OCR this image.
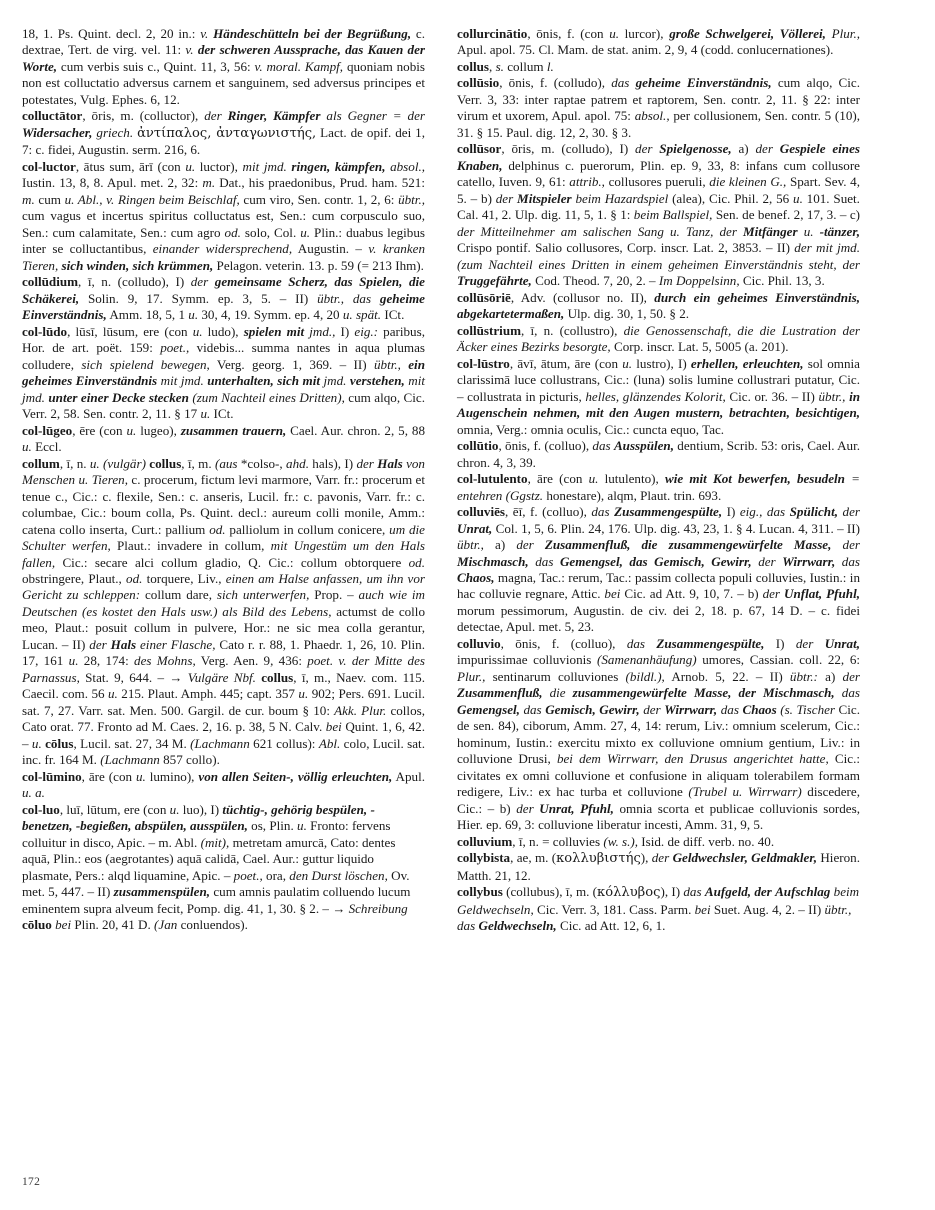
18, 1. Ps. Quint. decl. 2, 20 in.: v. Händeschütteln bei der Begrüßung, c. dextrae, Tert. de virg. vel. 11: v. der schweren Aussprache, das Kauen der Worte, cum verbis suis c., Quint. 11, 3, 56: v. moral. Kampf, quoniam nobis non est colluctatio adversus carnem et sanguinem, sed adversus principes et potestates, Vulg. Ephes. 6, 12.

colluctātor, ōris, m. (colluctor), der Ringer, Kämpfer als Gegner = der Widersacher, griech. ἀντίπαλος, ἀνταγωνιστής, Lact. de opif. dei 1, 7: c. fidei, Augustin. serm. 216, 6.

col-luctor, ātus sum, ārī (con u. luctor), mit jmd. ringen, kämpfen, absol., Iustin. 13, 8, 8. Apul. met. 2, 32: m. Dat., his praedonibus, Prud. ham. 521: m. cum u. Abl., v. Ringen beim Beischlaf, cum viro, Sen. contr. 1, 2, 6: übtr., cum vagus et incertus spiritus colluctatus est, Sen.: cum corpusculo suo, Sen.: cum calamitate, Sen.: cum agro od. solo, Col. u. Plin.: duabus legibus inter se colluctantibus, einander widersprechend, Augustin. – v. kranken Tieren, sich winden, sich krümmen, Pelagon. veterin. 13. p. 59 (= 213 Ihm).

collūdium, ī, n. (colludo), I) der gemeinsame Scherz, das Spielen, die Schäkerei, Solin. 9, 17. Symm. ep. 3, 5. – II) übtr., das geheime Einverständnis, Amm. 18, 5, 1 u. 30, 4, 19. Symm. ep. 4, 20 u. spät. ICt.

col-lūdo, lūsī, lūsum, ere (con u. ludo), spielen mit jmd., I) eig.: paribus, Hor. de art. poët. 159: poet., videbis... summa nantes in aqua plumas colludere, sich spielend bewegen, Verg. georg. 1, 369. – II) übtr., ein geheimes Einverständnis mit jmd. unterhalten, sich mit jmd. verstehen, mit jmd. unter einer Decke stecken (zum Nachteil eines Dritten), cum alqo, Cic. Verr. 2, 58. Sen. contr. 2, 11. § 17 u. ICt.

col-lūgeo, ēre (con u. lugeo), zusammen trauern, Cael. Aur. chron. 2, 5, 88 u. Eccl.

collum, ī, n. u. (vulgär) collus, ī, m. (aus *colso-, ahd. hals), I) der Hals von Menschen u. Tieren, c. procerum, fictum levi marmore, Varr. fr.: procerum et tenue c., Cic.: c. flexile, Sen.: c. anseris, Lucil. fr.: c. pavonis, Varr. fr.: c. columbae, Cic.: boum colla, Ps. Quint. decl.: aureum colli monile, Amm.: catena collo inserta, Curt.: pallium od. palliolum in collum conicere, um die Schulter werfen, Plaut.: invadere in collum, mit Ungestüm um den Hals fallen, Cic.: secare alci collum gladio, Q. Cic.: collum obtorquere od. obstringere, Plaut., od. torquere, Liv., einen am Halse anfassen, um ihn vor Gericht zu schleppen: collum dare, sich unterwerfen, Prop. – auch wie im Deutschen (es kostet den Hals usw.) als Bild des Lebens, actumst de collo meo, Plaut.: posuit collum in pulvere, Hor.: ne sic mea colla gerantur, Lucan. – II) der Hals einer Flasche, Cato r. r. 88, 1. Phaedr. 1, 26, 10. Plin. 17, 161 u. 28, 174: des Mohns, Verg. Aen. 9, 436: poet. v. der Mitte des Parnassus, Stat. 9, 644. – → Vulgäre Nbf. collus, ī, m., Naev. com. 115. Caecil. com. 56 u. 215. Plaut. Amph. 445; capt. 357 u. 902; Pers. 691. Lucil. sat. 7, 27. Varr. sat. Men. 500. Gargil. de cur. boum § 10: Akk. Plur. collos, Cato orat. 77. Fronto ad M. Caes. 2, 16. p. 38, 5 N. Calv. bei Quint. 1, 6, 42. – u. cōlus, Lucil. sat. 27, 34 M. (Lachmann 621 collus): Abl. colo, Lucil. sat. inc. fr. 164 M. (Lachmann 857 collo).

col-lūmino, āre (con u. lumino), von allen Seiten-, völlig erleuchten, Apul. u. a.

col-luo, luī, lūtum, ere (con u. luo), I) tüchtig-, gehörig bespülen, -benetzen, -begießen, abspülen, ausspülen, os, Plin. u. Fronto: fervens colluitur in disco, Apic. – m. Abl. (mit), metretam amurcā, Cato: dentes aquā, Plin.: eos (aegrotantes) aquā calidā, Cael. Aur.: guttur liquido plasmate, Pers.: alqd liquamine, Apic. – poet., ora, den Durst löschen, Ov. met. 5, 447. – II) zusammenspülen, cum amnis paulatim colluendo lucum eminentem supra alveum fecit, Pomp. dig. 41, 1, 30. § 2. – → Schreibung cōluo bei Plin. 20, 41 D. (Jan conluendos).

collurcinātio, ōnis, f. (con u. lurcor), große Schwelgerei, Völlerei, Plur., Apul. apol. 75. Cl. Mam. de stat. anim. 2, 9, 4 (codd. conlucernationes).

collus, s. collum l.

collūsio, ōnis, f. (colludo), das geheime Einverständnis, cum alqo, Cic. Verr. 3, 33: inter raptae patrem et raptorem, Sen. contr. 2, 11. § 22: inter virum et uxorem, Apul. apol. 75: absol., per collusionem, Sen. contr. 5 (10), 31. § 15. Paul. dig. 12, 2, 30. § 3.

collūsor, ōris, m. (colludo), I) der Spielgenosse, a) der Gespiele eines Knaben, delphinus c. puerorum, Plin. ep. 9, 33, 8: infans cum collusore catello, Iuven. 9, 61: attrib., collusores pueruli, die kleinen G., Spart. Sev. 4, 5. – b) der Mitspieler beim Hazardspiel (alea), Cic. Phil. 2, 56 u. 101. Suet. Cal. 41, 2. Ulp. dig. 11, 5, 1. § 1: beim Ballspiel, Sen. de benef. 2, 17, 3. – c) der Mitteilnehmer am salischen Sang u. Tanz, der Mitfänger u. -tänzer, Crispo pontif. Salio collusores, Corp. inscr. Lat. 2, 3853. – II) der mit jmd. (zum Nachteil eines Dritten in einem geheimen Einverständnis steht, der Truggefährte, Cod. Theod. 7, 20, 2. – Im Doppelsinn, Cic. Phil. 13, 3.

collūsōriē, Adv. (collusor no. II), durch ein geheimes Einverständnis, abgekartetermaßen, Ulp. dig. 30, 1, 50. § 2.

collūstrium, ī, n. (collustro), die Genossenschaft, die die Lustration der Äcker eines Bezirks besorgte, Corp. inscr. Lat. 5, 5005 (a. 201).

col-lūstro, āvī, ātum, āre (con u. lustro), I) erhellen, erleuchten, sol omnia clarissimā luce collustrans, Cic.: (luna) solis lumine collustrari putatur, Cic. – collustrata in picturis, helles, glänzendes Kolorit, Cic. or. 36. – II) übtr., in Augenschein nehmen, mit den Augen mustern, betrachten, besichtigen, omnia, Verg.: omnia oculis, Cic.: cuncta equo, Tac.

collūtio, ōnis, f. (colluo), das Ausspülen, dentium, Scrib. 53: oris, Cael. Aur. chron. 4, 3, 39.

col-lutulento, āre (con u. lutulento), wie mit Kot bewerfen, besudeln = entehren (Ggstz. honestare), alqm, Plaut. trin. 693.

colluviēs, ēī, f. (colluo), das Zusammengespülte, I) eig., das Spülicht, der Unrat, Col. 1, 5, 6. Plin. 24, 176. Ulp. dig. 43, 23, 1. § 4. Lucan. 4, 311. – II) übtr., a) der Zusammenfluß, die zusammengewürfelte Masse, der Mischmasch, das Gemengsel, das Gemisch, Gewirr, der Wirrwarr, das Chaos, magna, Tac.: rerum, Tac.: passim collecta populi colluvies, Iustin.: in hac colluvie regnare, Attic. bei Cic. ad Att. 9, 10, 7. – b) der Unflat, Pfuhl, morum pessimorum, Augustin. de civ. dei 2, 18. p. 67, 14 D. – c. fidei detectae, Apul. met. 5, 23.

colluvio, ōnis, f. (colluo), das Zusammengespülte, I) der Unrat, impurissimae colluvionis (Samenanhäufung) umores, Cassian. coll. 22, 6: Plur., sentinarum colluviones (bildl.), Arnob. 5, 22. – II) übtr.: a) der Zusammenfluß, die zusammengewürfelte Masse, der Mischmasch, das Gemengsel, das Gemisch, Gewirr, der Wirrwarr, das Chaos (s. Tischer Cic. de sen. 84), ciborum, Amm. 27, 4, 14: rerum, Liv.: omnium scelerum, Cic.: hominum, Iustin.: exercitu mixto ex colluvione omnium gentium, Liv.: in colluvione Drusi, bei dem Wirrwarr, den Drusus angerichtet hatte, Cic.: civitates ex omni colluvione et confusione in aliquam tolerabilem formam redigere, Liv.: ex hac turba et colluvione (Trubel u. Wirrwarr) discedere, Cic.: – b) der Unrat, Pfuhl, omnia scorta et publicae colluvionis sordes, Hier. ep. 69, 3: colluvione liberatur incesti, Amm. 31, 9, 5.

colluvium, ī, n. = colluvies (w. s.), Isid. de diff. verb. no. 40.

collybista, ae, m. (κολλυβιστής), der Geldwechsler, Geldmakler, Hieron. Matth. 21, 12.

collybus (collubus), ī, m. (κόλλυβος), I) das Aufgeld, der Aufschlag beim Geldwechseln, Cic. Verr. 3, 181. Cass. Parm. bei Suet. Aug. 4, 2. – II) übtr., das Geldwechseln, Cic. ad Att. 12, 6, 1.

172
